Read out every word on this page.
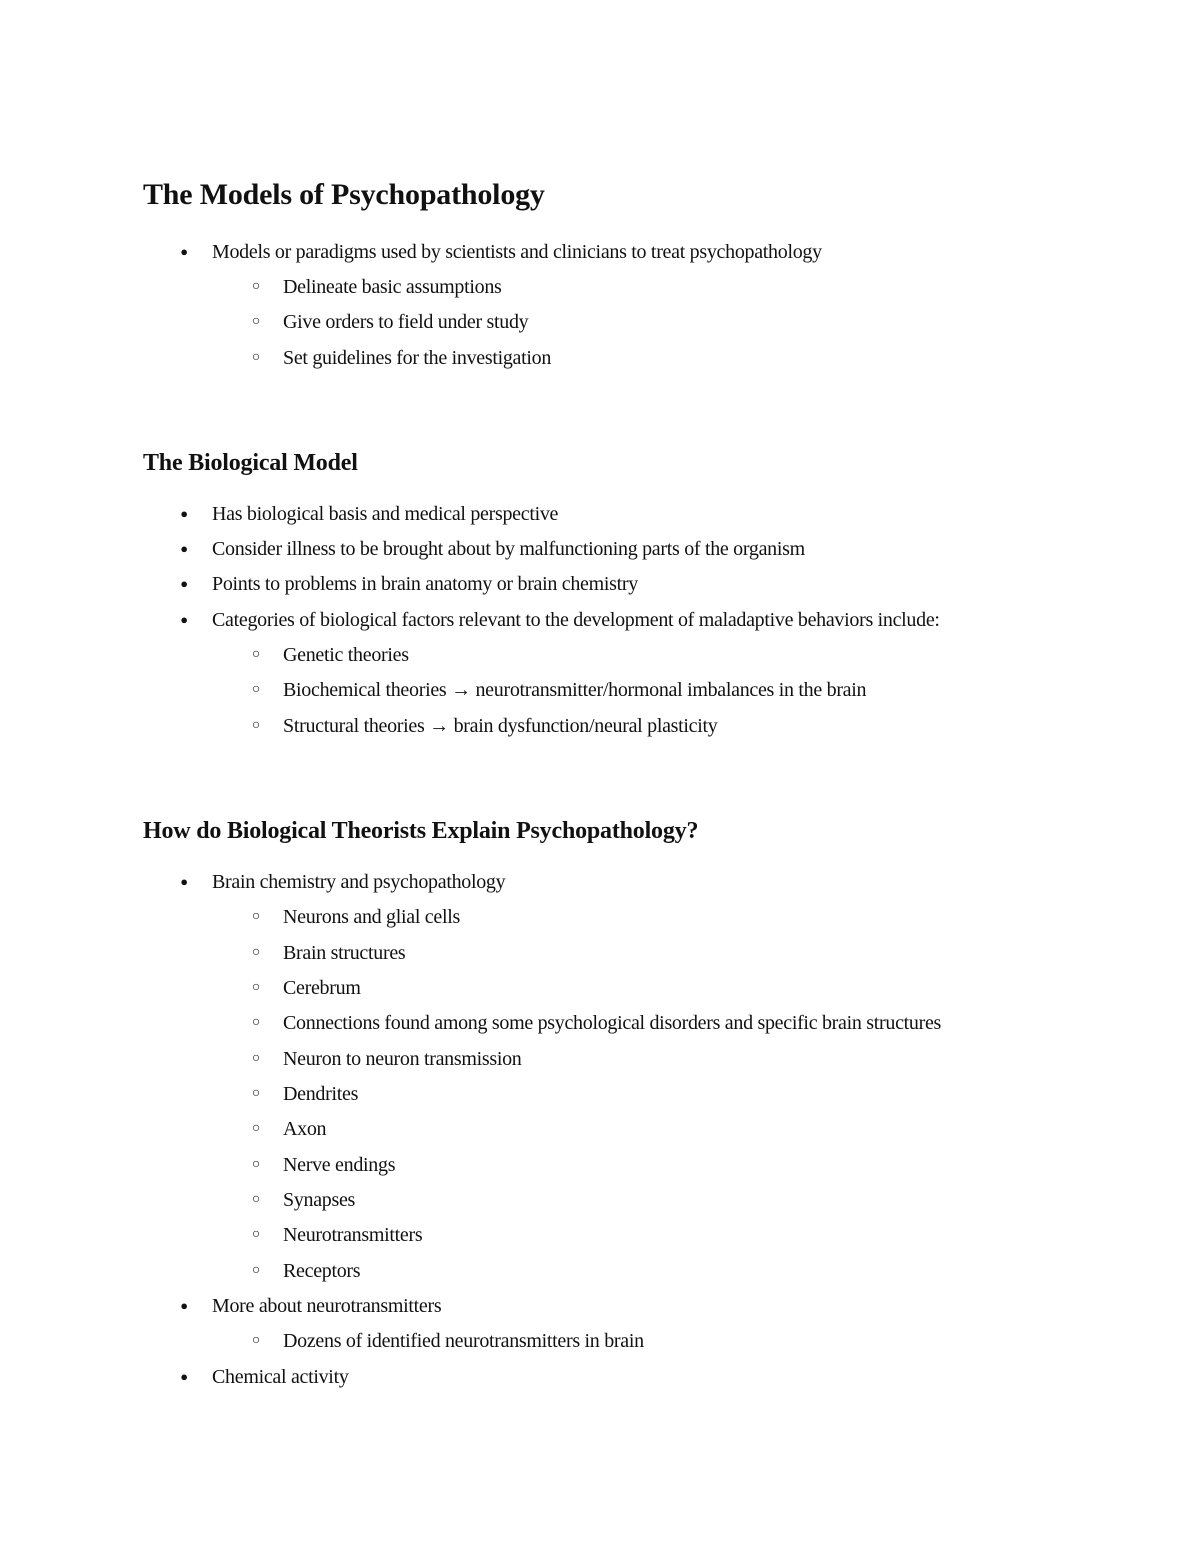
The Models of Psychopathology
●	Models or paradigms used by scientists and clinicians to treat psychopathology
○ Delineate basic assumptions
○ Give orders to field under study
○ Set guidelines for the investigation
The Biological Model
●	Has biological basis and medical perspective
●	Consider illness to be brought about by malfunctioning parts of the organism
●	Points to problems in brain anatomy or brain chemistry
●	Categories of biological factors relevant to the development of maladaptive behaviors include:
○ Genetic theories
○ Biochemical theories → neurotransmitter/hormonal imbalances in the brain
○ Structural theories → brain dysfunction/neural plasticity
How do Biological Theorists Explain Psychopathology?
●	Brain chemistry and psychopathology
○ Neurons and glial cells
○ Brain structures
○ Cerebrum
○ Connections found among some psychological disorders and specific brain structures
○ Neuron to neuron transmission
○ Dendrites
○ Axon
○ Nerve endings
○ Synapses
○ Neurotransmitters
○ Receptors
●	More about neurotransmitters
○ Dozens of identified neurotransmitters in brain
●	Chemical activity
